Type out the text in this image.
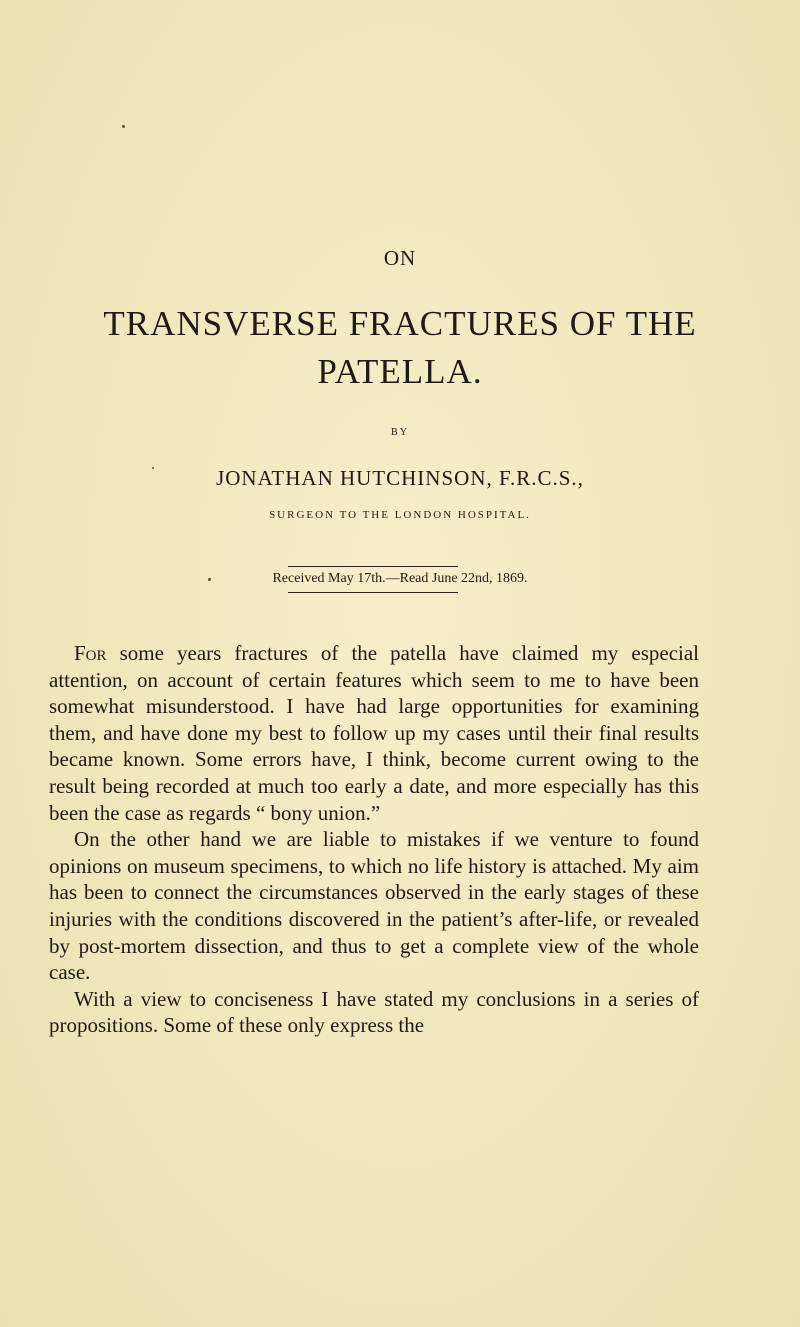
ON
TRANSVERSE FRACTURES OF THE
PATELLA.
BY
JONATHAN HUTCHINSON, F.R.C.S.,
SURGEON TO THE LONDON HOSPITAL.
Received May 17th.—Read June 22nd, 1869.

For some years fractures of the patella have claimed my especial attention, on account of certain features which seem to me to have been somewhat misunderstood. I have had large opportunities for examining them, and have done my best to follow up my cases until their final results became known. Some errors have, I think, become current owing to the result being recorded at much too early a date, and more especially has this been the case as regards “ bony union.”

On the other hand we are liable to mistakes if we venture to found opinions on museum specimens, to which no life history is attached. My aim has been to connect the circumstances observed in the early stages of these injuries with the conditions discovered in the patient’s after-life, or revealed by post-mortem dissection, and thus to get a complete view of the whole case.

With a view to conciseness I have stated my conclusions in a series of propositions. Some of these only express the
